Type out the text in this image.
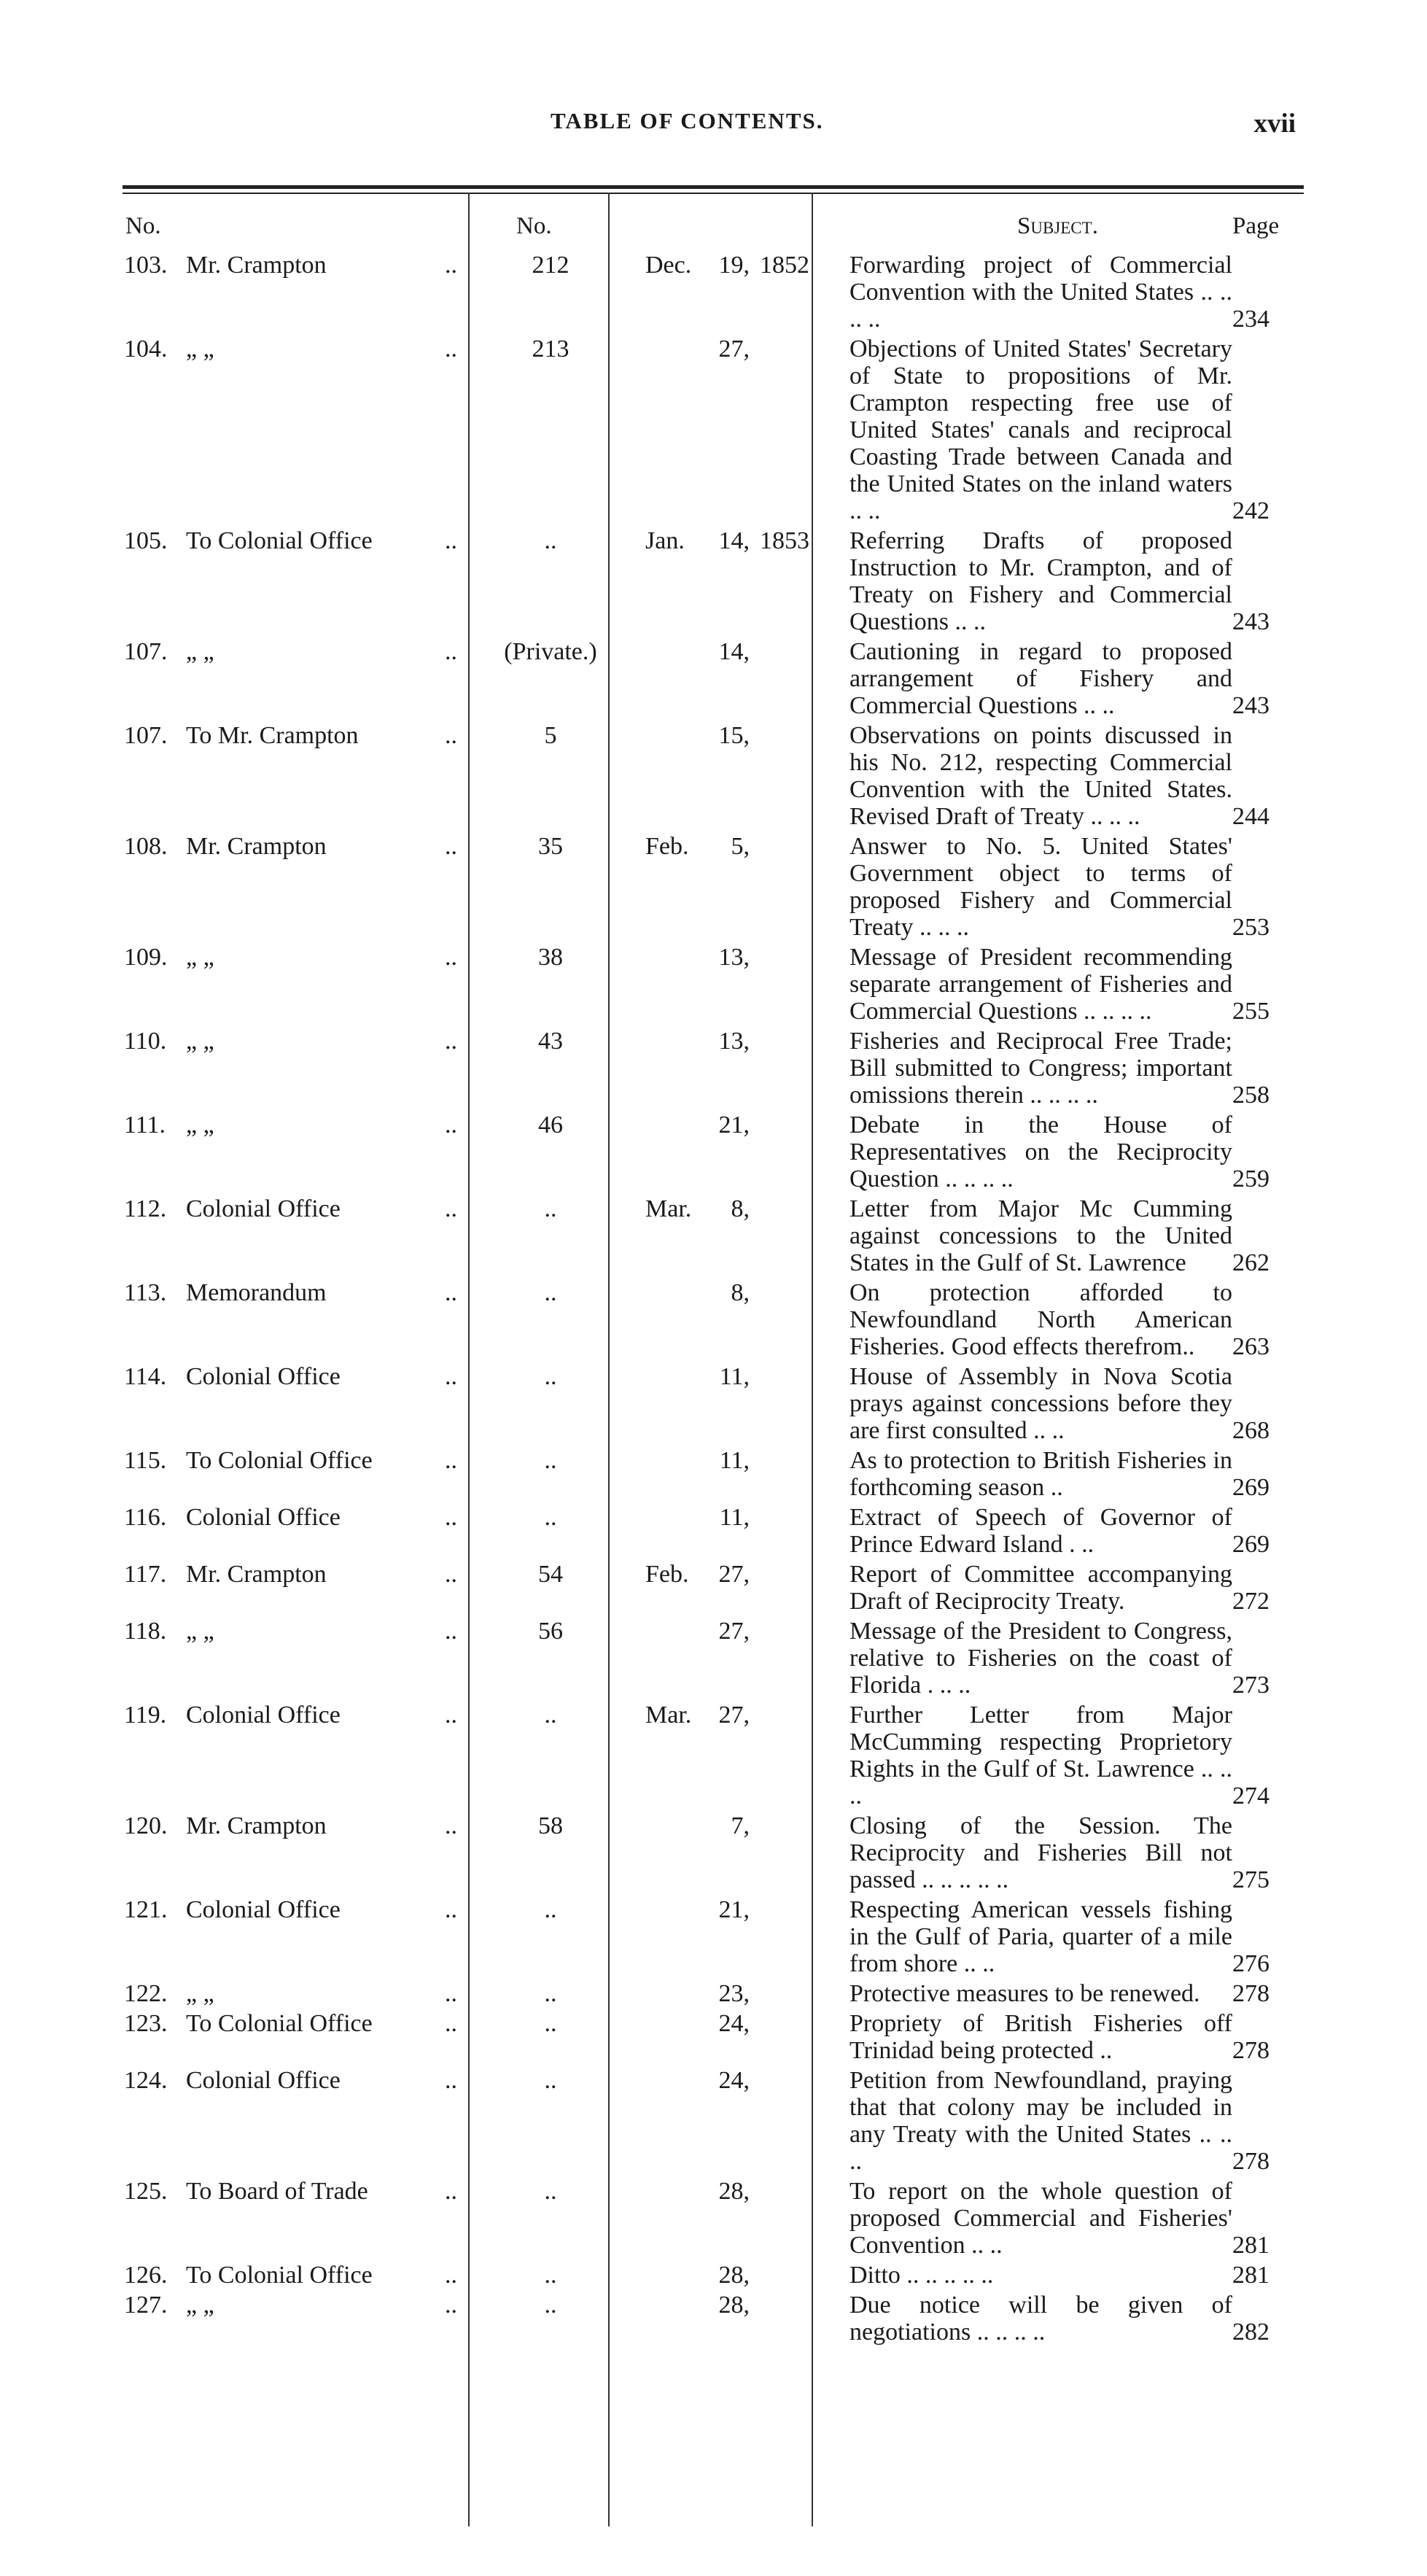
TABLE OF CONTENTS.	xvii
No.	No.	Subject.	Page
103. Mr. Crampton	..	212	Dec. 19, 1852	Forwarding project of Commercial Convention with the United States .. .. .. ..	234
104. „ „	..	213	27,	Objections of United States' Secretary of State to propositions of Mr. Crampton respecting free use of United States' canals and reciprocal Coasting Trade between Canada and the United States on the inland waters .. ..	242
105. To Colonial Office	..	..	Jan. 14, 1853	Referring Drafts of proposed Instruction to Mr. Crampton, and of Treaty on Fishery and Commercial Questions .. ..	243
107. „ „	..	(Private.)	14,	Cautioning in regard to proposed arrangement of Fishery and Commercial Questions .. ..	243
107. To Mr. Crampton	..	5	15,	Observations on points discussed in his No. 212, respecting Commercial Convention with the United States. Revised Draft of Treaty .. .. ..	244
108. Mr. Crampton	..	35	Feb. 5,	Answer to No. 5. United States' Government object to terms of proposed Fishery and Commercial Treaty .. .. ..	253
109. „ „	..	38	13,	Message of President recommending separate arrangement of Fisheries and Commercial Questions .. .. .. ..	255
110. „ „	..	43	13,	Fisheries and Reciprocal Free Trade; Bill submitted to Congress; important omissions therein .. .. .. ..	258
111. „ „	..	46	21,	Debate in the House of Representatives on the Reciprocity Question .. .. .. ..	259
112. Colonial Office	..	..	Mar. 8,	Letter from Major Mc Cumming against concessions to the United States in the Gulf of St. Lawrence	262
113. Memorandum	..	..	8,	On protection afforded to Newfoundland North American Fisheries. Good effects therefrom..	263
114. Colonial Office	..	..	11,	House of Assembly in Nova Scotia prays against concessions before they are first consulted .. ..	268
115. To Colonial Office	..	..	11,	As to protection to British Fisheries in forthcoming season ..	269
116. Colonial Office	..	..	11,	Extract of Speech of Governor of Prince Edward Island . ..	269
117. Mr. Crampton	..	54	Feb. 27,	Report of Committee accompanying Draft of Reciprocity Treaty.	272
118. „ „	..	56	27,	Message of the President to Congress, relative to Fisheries on the coast of Florida . .. ..	273
119. Colonial Office	..	..	Mar. 27,	Further Letter from Major McCumming respecting Proprietory Rights in the Gulf of St. Lawrence .. .. ..	274
120. Mr. Crampton	..	58	7,	Closing of the Session. The Reciprocity and Fisheries Bill not passed .. .. .. .. ..	275
121. Colonial Office	..	..	21,	Respecting American vessels fishing in the Gulf of Paria, quarter of a mile from shore .. ..	276
122. „ „	..	..	23,	Protective measures to be renewed.	278
123. To Colonial Office	..	..	24,	Propriety of British Fisheries off Trinidad being protected ..	278
124. Colonial Office	..	..	24,	Petition from Newfoundland, praying that that colony may be included in any Treaty with the United States .. .. ..	278
125. To Board of Trade	..	..	28,	To report on the whole question of proposed Commercial and Fisheries' Convention .. ..	281
126. To Colonial Office	..	..	28,	Ditto .. .. .. .. ..	281
127. „ „	..	..	28,	Due notice will be given of negotiations .. .. .. ..	282
